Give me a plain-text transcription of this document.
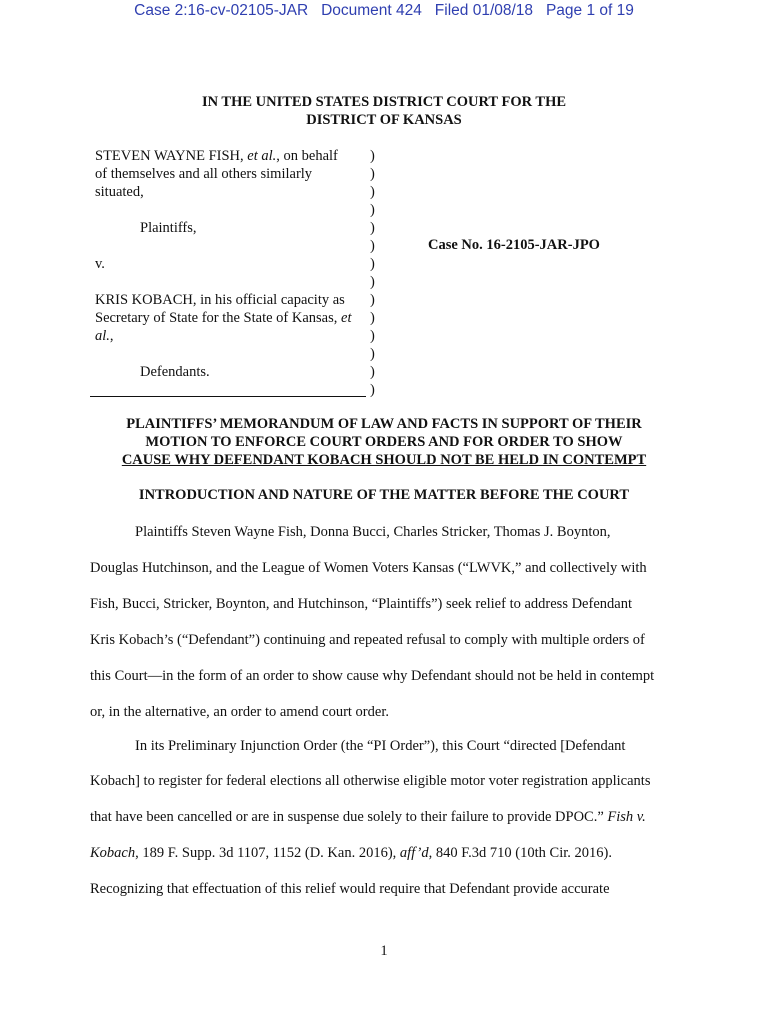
Case 2:16-cv-02105-JAR   Document 424   Filed 01/08/18   Page 1 of 19
IN THE UNITED STATES DISTRICT COURT FOR THE
DISTRICT OF KANSAS
STEVEN WAYNE FISH, et al., on behalf
of themselves and all others similarly
situated,
Plaintiffs,
v.
KRIS KOBACH, in his official capacity as
Secretary of State for the State of Kansas, et
al.,
Defendants.
)
)
)
)
)
)
)
)
)
)
)
)
)
)
Case No. 16-2105-JAR-JPO
PLAINTIFFS’ MEMORANDUM OF LAW AND FACTS IN SUPPORT OF THEIR
MOTION TO ENFORCE COURT ORDERS AND FOR ORDER TO SHOW
CAUSE WHY DEFENDANT KOBACH SHOULD NOT BE HELD IN CONTEMPT
INTRODUCTION AND NATURE OF THE MATTER BEFORE THE COURT
Plaintiffs Steven Wayne Fish, Donna Bucci, Charles Stricker, Thomas J. Boynton,
Douglas Hutchinson, and the League of Women Voters Kansas (“LWVK,” and collectively with
Fish, Bucci, Stricker, Boynton, and Hutchinson, “Plaintiffs”) seek relief to address Defendant
Kris Kobach’s (“Defendant”) continuing and repeated refusal to comply with multiple orders of
this Court—in the form of an order to show cause why Defendant should not be held in contempt
or, in the alternative, an order to amend court order.
In its Preliminary Injunction Order (the “PI Order”), this Court “directed [Defendant
Kobach] to register for federal elections all otherwise eligible motor voter registration applicants
that have been cancelled or are in suspense due solely to their failure to provide DPOC.” Fish v.
Kobach, 189 F. Supp. 3d 1107, 1152 (D. Kan. 2016), aff’d, 840 F.3d 710 (10th Cir. 2016).
Recognizing that effectuation of this relief would require that Defendant provide accurate
1
